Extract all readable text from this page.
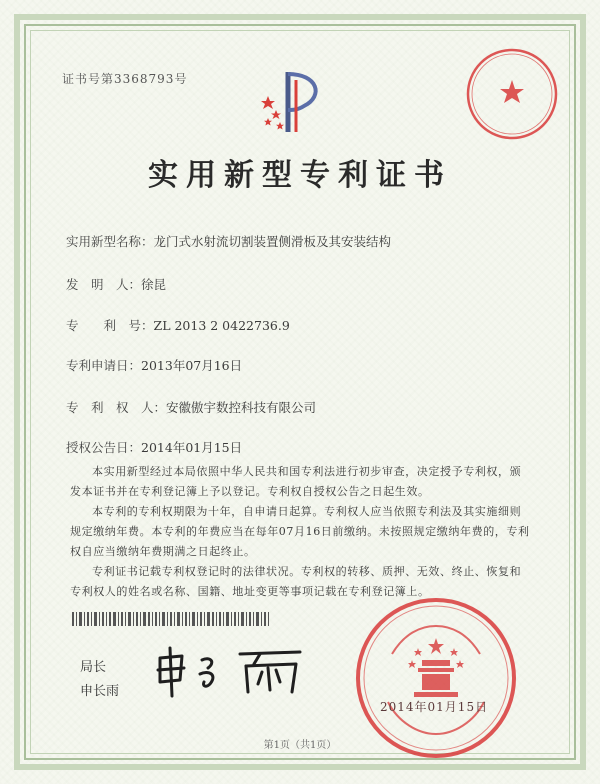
证书号第3368793号
实用新型专利证书
实用新型名称：龙门式水射流切割装置侧滑板及其安装结构
发　明　人：徐昆
专　　利　号：ZL 2013 2 0422736.9
专利申请日：2013年07月16日
专　利　权　人：安徽傲宇数控科技有限公司
授权公告日：2014年01月15日

本实用新型经过本局依照中华人民共和国专利法进行初步审查，决定授予专利权，颁发本证书并在专利登记簿上予以登记。专利权自授权公告之日起生效。

本专利的专利权期限为十年，自申请日起算。专利权人应当依照专利法及其实施细则规定缴纳年费。本专利的年费应当在每年07月16日前缴纳。未按照规定缴纳年费的，专利权自应当缴纳年费期满之日起终止。

专利证书记载专利权登记时的法律状况。专利权的转移、质押、无效、终止、恢复和专利权人的姓名或名称、国籍、地址变更等事项记载在专利登记簿上。

局长
申长雨
2014年01月15日
第1页（共1页）
